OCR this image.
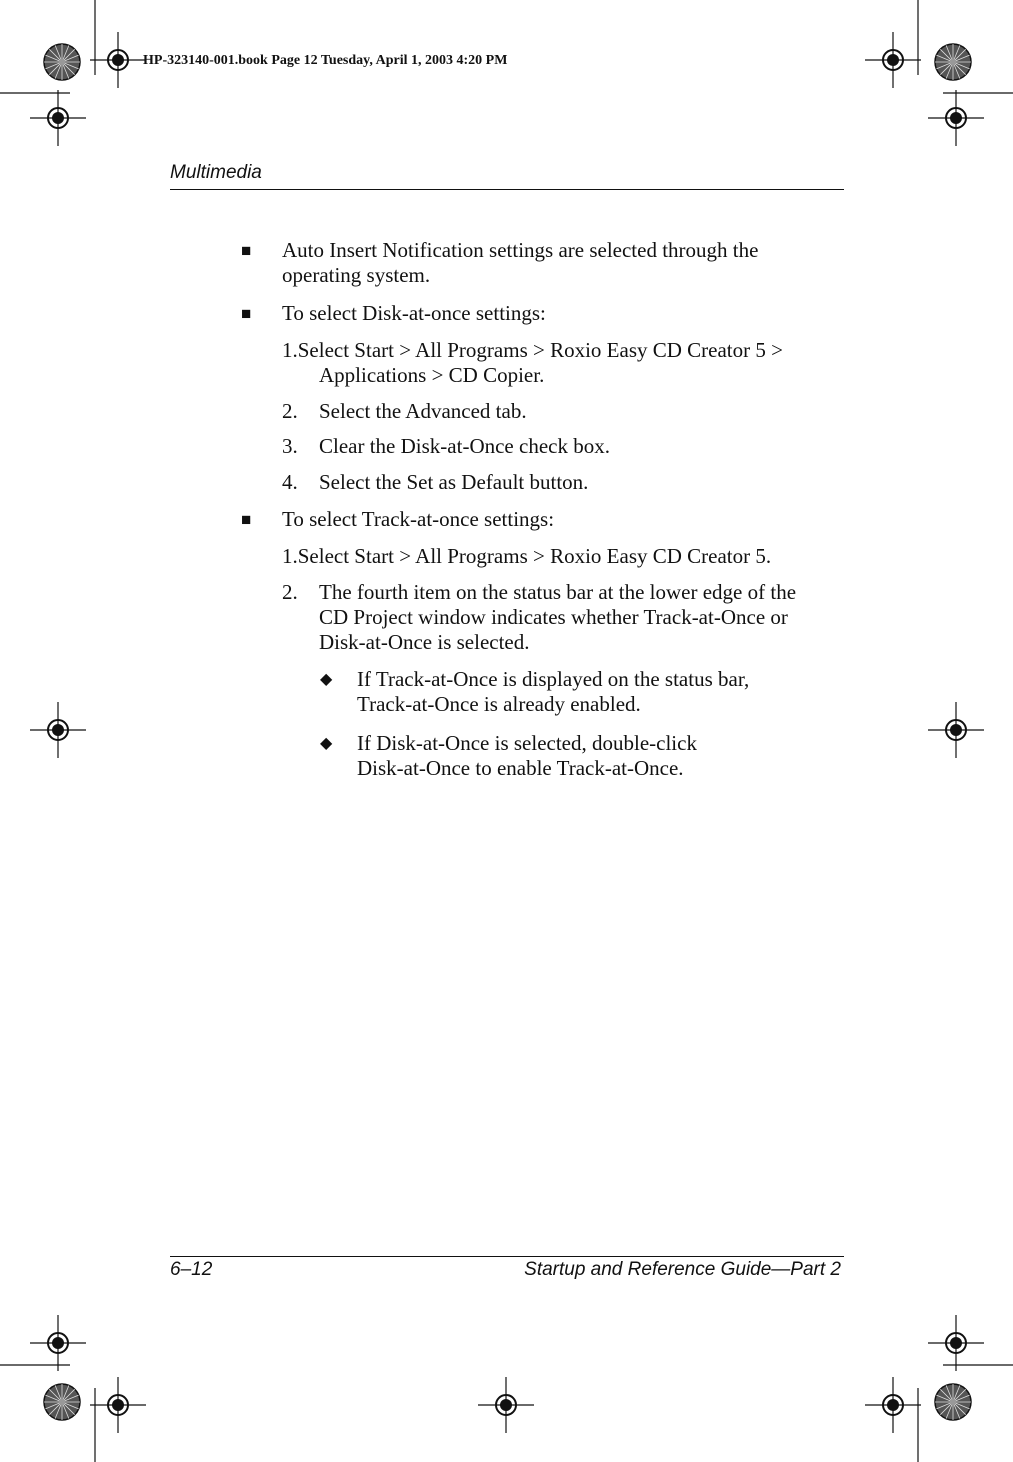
HP-323140-001.book Page 12 Tuesday, April 1, 2003 4:20 PM
Multimedia
■ Auto Insert Notification settings are selected through the
operating system.
■ To select Disk-at-once settings:
1.Select Start > All Programs > Roxio Easy CD Creator 5 >
Applications > CD Copier.
2. Select the Advanced tab.
3. Clear the Disk-at-Once check box.
4. Select the Set as Default button.
■ To select Track-at-once settings:
1.Select Start > All Programs > Roxio Easy CD Creator 5.
2. The fourth item on the status bar at the lower edge of the
CD Project window indicates whether Track-at-Once or
Disk-at-Once is selected.
◆ If Track-at-Once is displayed on the status bar,
Track-at-Once is already enabled.
◆ If Disk-at-Once is selected, double-click
Disk-at-Once to enable Track-at-Once.
6–12	Startup and Reference Guide—Part 2
